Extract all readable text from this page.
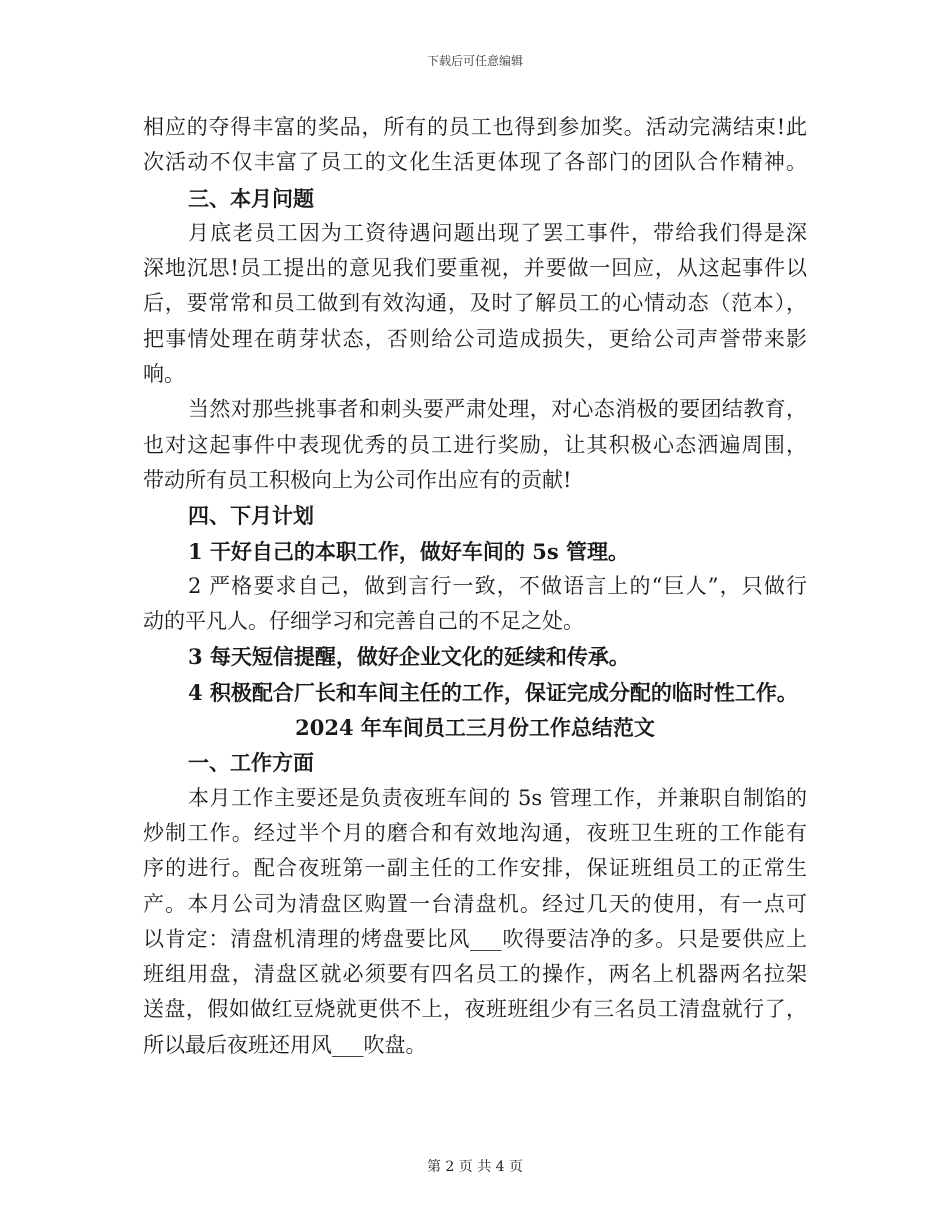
下载后可任意编辑
相应的夺得丰富的奖品，所有的员工也得到参加奖。活动完满结束!此
次活动不仅丰富了员工的文化生活更体现了各部门的团队合作精神。
三、本月问题
月底老员工因为工资待遇问题出现了罢工事件，带给我们得是深
深地沉思!员工提出的意见我们要重视，并要做一回应，从这起事件以
后，要常常和员工做到有效沟通，及时了解员工的心情动态（范本），
把事情处理在萌芽状态，否则给公司造成损失，更给公司声誉带来影
响。
当然对那些挑事者和刺头要严肃处理，对心态消极的要团结教育，
也对这起事件中表现优秀的员工进行奖励，让其积极心态洒遍周围，
带动所有员工积极向上为公司作出应有的贡献!
四、下月计划
1 干好自己的本职工作，做好车间的 5s 管理。
2 严格要求自己，做到言行一致，不做语言上的“巨人”，只做行
动的平凡人。仔细学习和完善自己的不足之处。
3 每天短信提醒，做好企业文化的延续和传承。
4 积极配合厂长和车间主任的工作，保证完成分配的临时性工作。
2024 年车间员工三月份工作总结范文
一、工作方面
本月工作主要还是负责夜班车间的 5s 管理工作，并兼职自制馅的
炒制工作。经过半个月的磨合和有效地沟通，夜班卫生班的工作能有
序的进行。配合夜班第一副主任的工作安排，保证班组员工的正常生
产。本月公司为清盘区购置一台清盘机。经过几天的使用，有一点可
以肯定：清盘机清理的烤盘要比风___吹得要洁净的多。只是要供应上
班组用盘，清盘区就必须要有四名员工的操作，两名上机器两名拉架
送盘，假如做红豆烧就更供不上，夜班班组少有三名员工清盘就行了，
所以最后夜班还用风___吹盘。
第 2 页 共 4 页
